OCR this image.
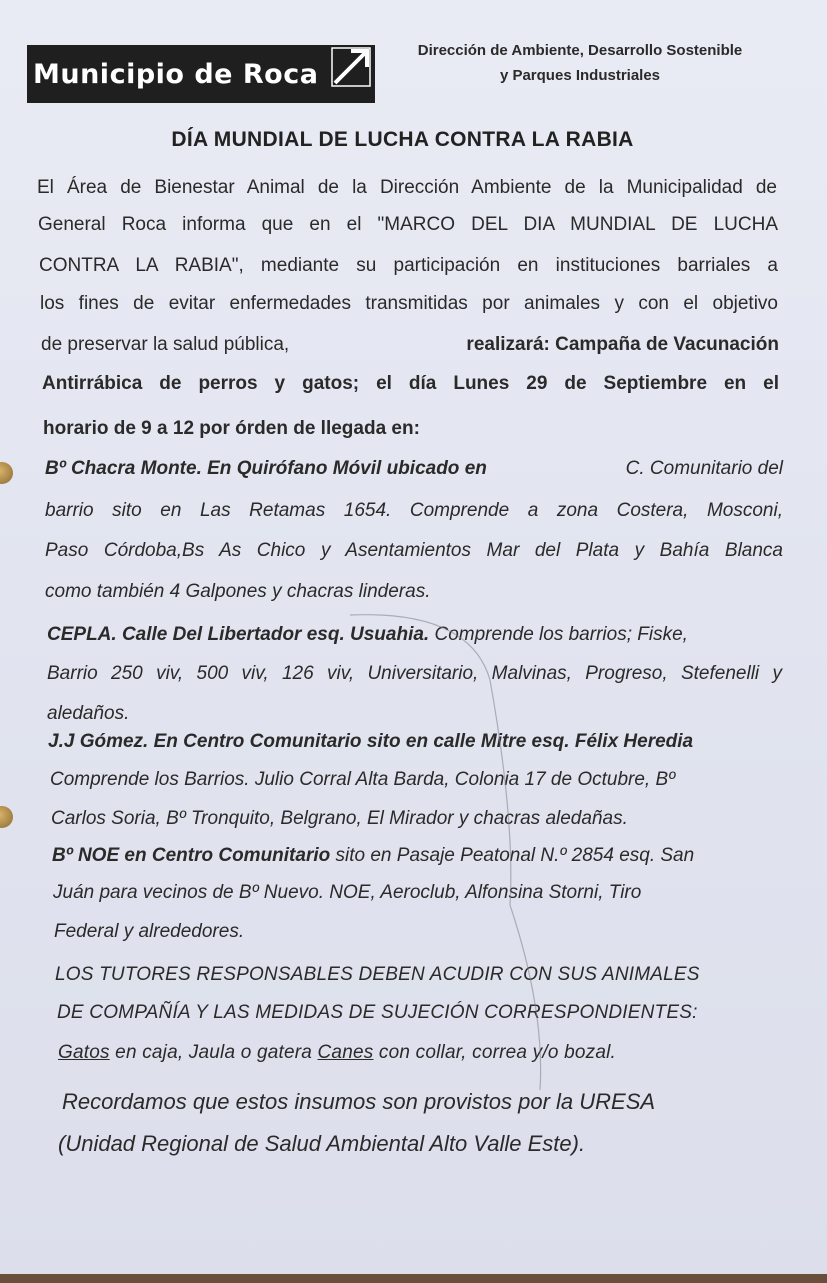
Municipio de Roca
Dirección de Ambiente, Desarrollo Sostenible
y Parques Industriales
DÍA MUNDIAL DE LUCHA CONTRA LA RABIA
El Área de Bienestar Animal de la Dirección Ambiente de la Municipalidad de
General Roca informa que en el "MARCO DEL DIA MUNDIAL DE LUCHA
CONTRA LA RABIA", mediante su participación en instituciones barriales a
los fines de evitar enfermedades transmitidas por animales y con el objetivo
de preservar la salud pública,	realizará: Campaña de Vacunación
Antirrábica de perros y gatos; el día Lunes 29 de Septiembre en el
horario de 9 a 12 por órden de llegada en:
Bº Chacra Monte. En Quirófano Móvil ubicado en	C. Comunitario del
barrio sito en Las Retamas 1654. Comprende a zona Costera, Mosconi,
Paso Córdoba,Bs As Chico y Asentamientos Mar del Plata y Bahía Blanca
como también 4 Galpones y chacras linderas.
CEPLA. Calle Del Libertador esq. Usuahia. Comprende los barrios; Fiske,
Barrio 250 viv, 500 viv, 126 viv, Universitario, Malvinas, Progreso, Stefenelli y
aledaños.
J.J Gómez. En Centro Comunitario sito en calle Mitre esq. Félix Heredia
Comprende los Barrios. Julio Corral Alta Barda, Colonia 17 de Octubre, Bº
Carlos Soria, Bº Tronquito, Belgrano, El Mirador y chacras aledañas.
Bº NOE en Centro Comunitario sito en Pasaje Peatonal N.º 2854 esq. San
Juán para vecinos de Bº Nuevo. NOE, Aeroclub, Alfonsina Storni, Tiro
Federal y alrededores.
LOS TUTORES RESPONSABLES DEBEN ACUDIR CON SUS ANIMALES
DE COMPAÑÍA Y LAS MEDIDAS DE SUJECIÓN CORRESPONDIENTES:
Gatos en caja, Jaula o gatera Canes con collar, correa y/o bozal.
Recordamos que estos insumos son provistos por la URESA
(Unidad Regional de Salud Ambiental Alto Valle Este).
